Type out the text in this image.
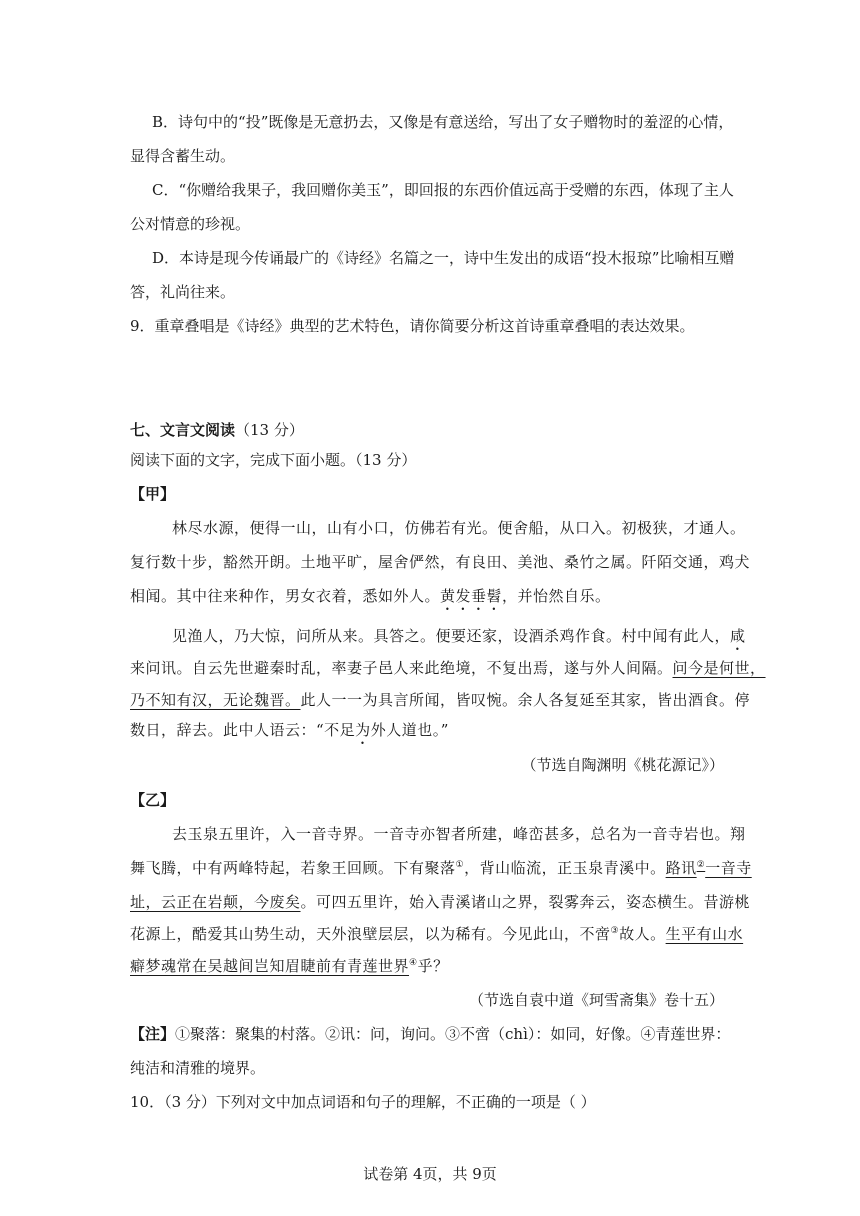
B．诗句中的“投”既像是无意扔去，又像是有意送给，写出了女子赠物时的羞涩的心情，
显得含蓄生动。
C．“你赠给我果子，我回赠你美玉”，即回报的东西价值远高于受赠的东西，体现了主人
公对情意的珍视。
D．本诗是现今传诵最广的《诗经》名篇之一，诗中生发出的成语“投木报琼”比喻相互赠
答，礼尚往来。
9．重章叠唱是《诗经》典型的艺术特色，请你简要分析这首诗重章叠唱的表达效果。
七、文言文阅读（13 分）
阅读下面的文字，完成下面小题。（13 分）
【甲】
林尽水源，便得一山，山有小口，仿佛若有光。便舍船，从口入。初极狭，才通人。
复行数十步，豁然开朗。土地平旷，屋舍俨然，有良田、美池、桑竹之属。阡陌交通，鸡犬
相闻。其中往来种作，男女衣着，悉如外人。黄发垂髫，并怡然自乐。
见渔人，乃大惊，问所从来。具答之。便要还家，设酒杀鸡作食。村中闻有此人，咸
来问讯。自云先世避秦时乱，率妻子邑人来此绝境，不复出焉，遂与外人间隔。问今是何世，
乃不知有汉，无论魏晋。此人一一为具言所闻，皆叹惋。余人各复延至其家，皆出酒食。停
数日，辞去。此中人语云：“不足为外人道也。”
（节选自陶渊明《桃花源记》）
【乙】
去玉泉五里许，入一音寺界。一音寺亦智者所建，峰峦甚多，总名为一音寺岩也。翔
舞飞腾，中有两峰特起，若象王回顾。下有聚落①，背山临流，正玉泉青溪中。路讯②一音寺
址，云正在岩颠，今废矣。可四五里许，始入青溪诸山之界，裂雾奔云，姿态横生。昔游桃
花源上，酷爱其山势生动，天外浪壁层层，以为稀有。今见此山，不啻③故人。生平有山水
癖梦魂常在吴越间岂知眉睫前有青莲世界④乎？
（节选自袁中道《珂雪斋集》卷十五）
【注】①聚落：聚集的村落。②讯：问，询问。③不啻（chì）：如同，好像。④青莲世界：
纯洁和清雅的境界。
10．（3 分）下列对文中加点词语和句子的理解，不正确的一项是（ ）
试卷第 4页，共 9页
